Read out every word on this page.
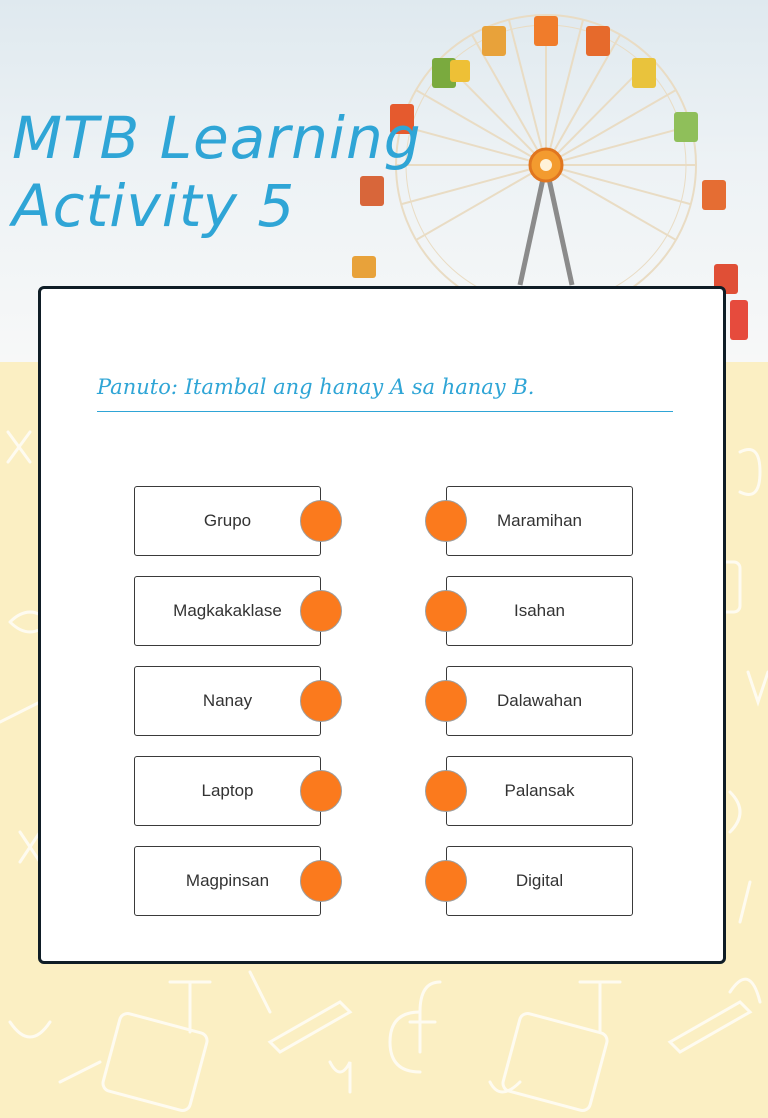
MTB Learning
Activity 5
Panuto: Itambal ang hanay A sa hanay B.
Grupo
Magkakaklase
Nanay
Laptop
Magpinsan
Maramihan
Isahan
Dalawahan
Palansak
Digital
